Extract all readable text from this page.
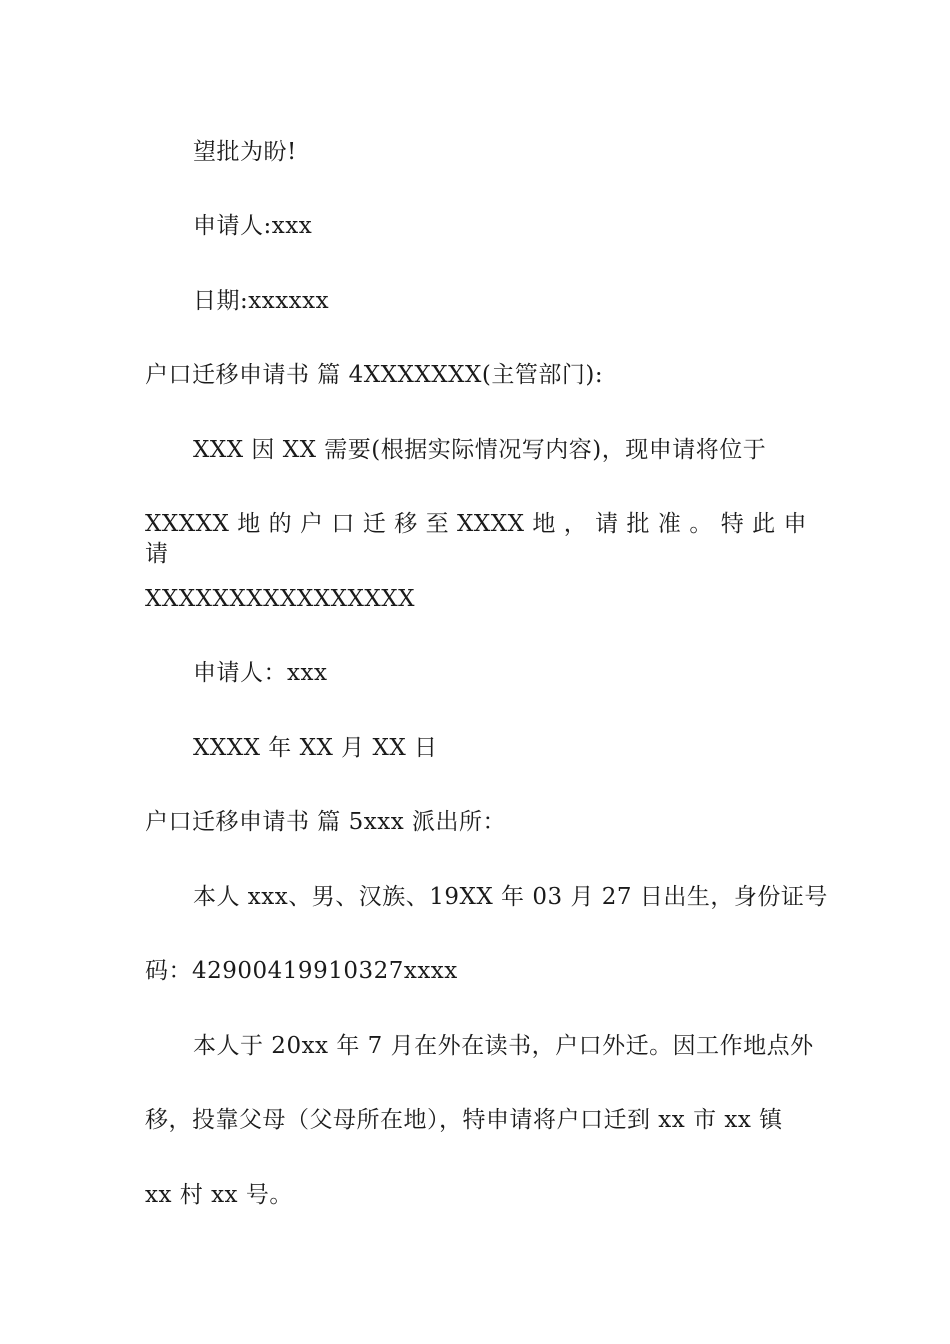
望批为盼!
申请人:xxx
日期:xxxxxx
户口迁移申请书 篇 4XXXXXXX(主管部门):
XXX 因 XX 需要(根据实际情况写内容)，现申请将位于
XXXXX 地 的 户 口 迁 移 至 XXXX 地 ， 请 批 准 。 特 此 申 请
XXXXXXXXXXXXXXXX
申请人：xxx
XXXX 年 XX 月 XX 日
户口迁移申请书 篇 5xxx 派出所：
本人 xxx、男、汉族、19XX 年 03 月 27 日出生，身份证号
码：42900419910327xxxx
本人于 20xx 年 7 月在外在读书，户口外迁。因工作地点外
移，投靠父母（父母所在地），特申请将户口迁到 xx 市 xx 镇
xx 村 xx 号。
